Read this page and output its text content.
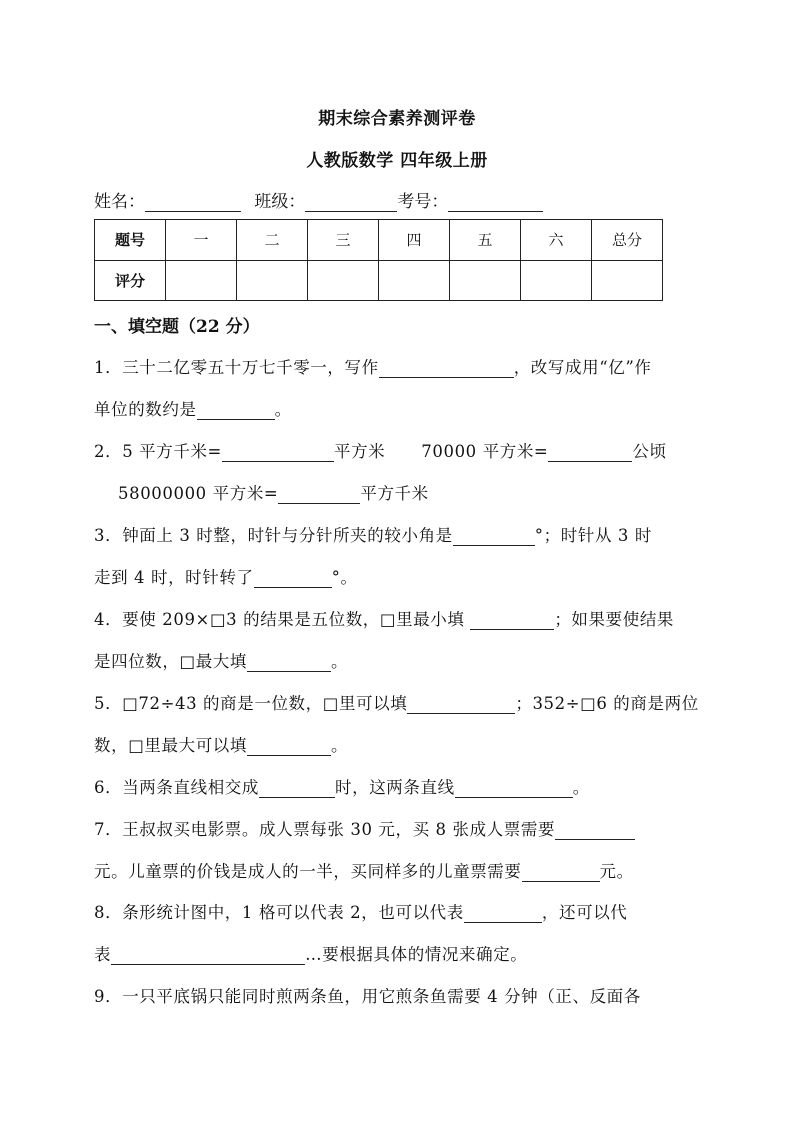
期末综合素养测评卷
人教版数学 四年级上册
姓名：	班级：	考号：
题号	一	二	三	四	五	六	总分
评分							
一、填空题（22 分）
1．三十二亿零五十万七千零一，写作	，改写成用“亿”作
单位的数约是	。
2．5 平方千米=	平方米 70000 平方米=	公顷
58000000 平方米=	平方千米
3．钟面上 3 时整，时针与分针所夹的较小角是	°；时针从 3 时
走到 4 时，时针转了	°。
4．要使 209×□3 的结果是五位数，□里最小填	；如果要使结果
是四位数，□最大填	。
5．□72÷43 的商是一位数，□里可以填	；352÷□6 的商是两位
数，□里最大可以填	。
6．当两条直线相交成	时，这两条直线	。
7．王叔叔买电影票。成人票每张 30 元，买 8 张成人票需要
元。儿童票的价钱是成人的一半，买同样多的儿童票需要	元。
8．条形统计图中，1 格可以代表 2，也可以代表	，还可以代
表	…要根据具体的情况来确定。
9．一只平底锅只能同时煎两条鱼，用它煎条鱼需要 4 分钟（正、反面各
